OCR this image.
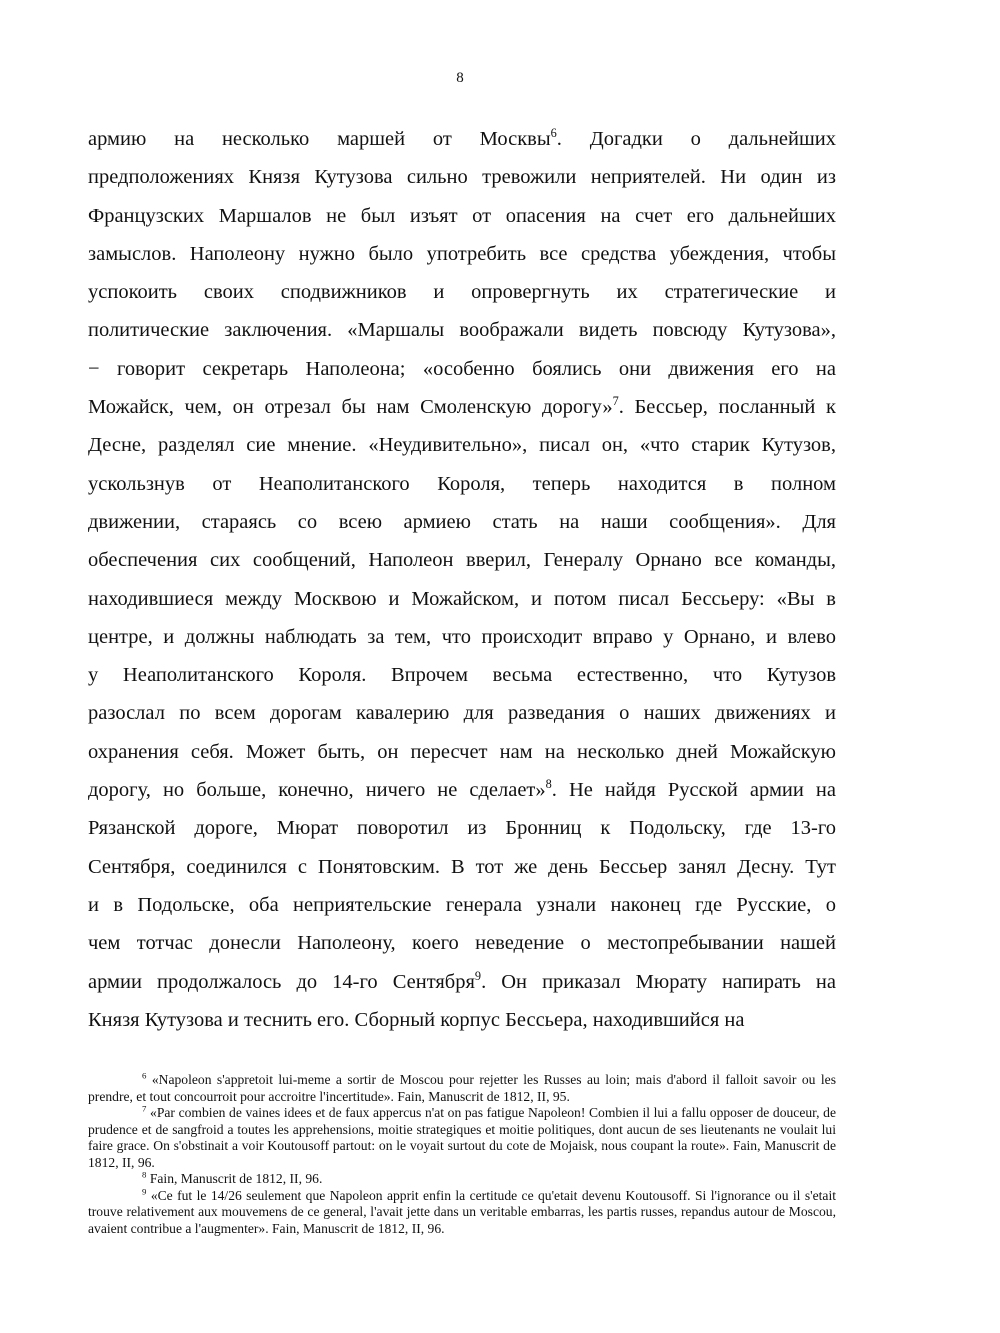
8
армию на несколько маршей от Москвы$^6$. Догадки о дальнейших
предположениях Князя Кутузова сильно тревожили неприятелей. Ни один из
Французских Маршалов не был изъят от опасения на счет его дальнейших
замыслов. Наполеону нужно было употребить все средства убеждения, чтобы
успокоить своих сподвижников и опровергнуть их стратегические и
политические заключения. «Маршалы воображали видеть повсюду Кутузова»,
− говорит секретарь Наполеона; «особенно боялись они движения его на
Можайск, чем, он отрезал бы нам Смоленскую дорогу»$^7$. Бессьер, посланный к
Десне, разделял сие мнение. «Неудивительно», писал он, «что старик Кутузов,
ускользнув от Неаполитанского Короля, теперь находится в полном
движении, стараясь со всею армиею стать на наши сообщения». Для
обеспечения сих сообщений, Наполеон вверил, Генералу Орнано все команды,
находившиеся между Москвою и Можайском, и потом писал Бессьеру: «Вы в
центре, и должны наблюдать за тем, что происходит вправо у Орнано, и влево
у Неаполитанского Короля. Впрочем весьма естественно, что Кутузов
разослал по всем дорогам кавалерию для разведания о наших движениях и
охранения себя. Может быть, он пересчет нам на несколько дней Можайскую
дорогу, но больше, конечно, ничего не сделает»$^8$. Не найдя Русской армии на
Рязанской дороге, Мюрат поворотил из Бронниц к Подольску, где 13-го
Сентября, соединился с Понятовским. В тот же день Бессьер занял Десну. Тут
и в Подольске, оба неприятельские генерала узнали наконец где Русские, о
чем тотчас донесли Наполеону, коего неведение о местопребывании нашей
армии продолжалось до 14-го Сентября$^9$. Он приказал Мюрату напирать на
Князя Кутузова и теснить его. Сборный корпус Бессьера, находившийся на

$^6$ «Napoleon s'appretoit lui-meme a sortir de Moscou pour rejetter les Russes au loin; mais d'abord il falloit savoir ou les prendre, et tout concourroit pour accroitre l'incertitude». Fain, Manuscrit de 1812, II, 95.

$^7$ «Par combien de vaines idees et de faux appercus n'at on pas fatigue Napoleon! Combien il lui a fallu opposer de douceur, de prudence et de sangfroid a toutes les apprehensions, moitie strategiques et moitie politiques, dont aucun de ses lieutenants ne voulait lui faire grace. On s'obstinait a voir Koutousoff partout: on le voyait surtout du cote de Mojaisk, nous coupant la route». Fain, Manuscrit de 1812, II, 96.

$^8$ Fain, Manuscrit de 1812, II, 96.

$^9$ «Ce fut le 14/26 seulement que Napoleon apprit enfin la certitude ce qu'etait devenu Koutousoff. Si l'ignorance ou il s'etait trouve relativement aux mouvemens de ce general, l'avait jette dans un veritable embarras, les partis russes, repandus autour de Moscou, avaient contribue a l'augmenter». Fain, Manuscrit de 1812, II, 96.
